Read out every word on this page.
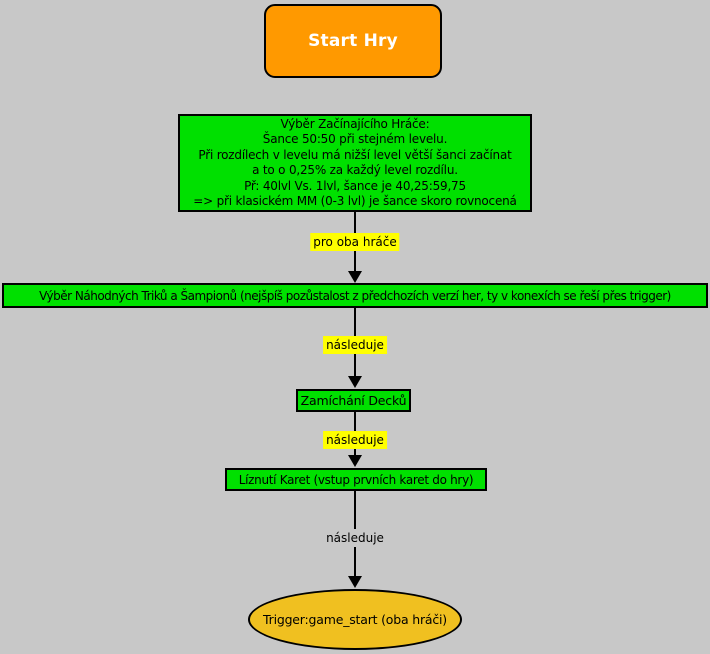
Start Hry
Výběr Začínajícího Hráče:
Šance 50:50 při stejném levelu.
Při rozdílech v levelu má nižší level větší šanci začínat
a to o 0,25% za každý level rozdílu.
Př: 40lvl Vs. 1lvl, šance je 40,25:59,75
=> při klasickém MM (0-3 lvl) je šance skoro rovnocená
pro oba hráče
Výběr Náhodných Triků a Šampionů (nejšpíš pozůstalost z předchozích verzí her, ty v konexích se řeší přes trigger)
následuje
Zamíchání Decků
následuje
Líznutí Karet (vstup prvních karet do hry)
následuje
Trigger:game_start (oba hráči)
